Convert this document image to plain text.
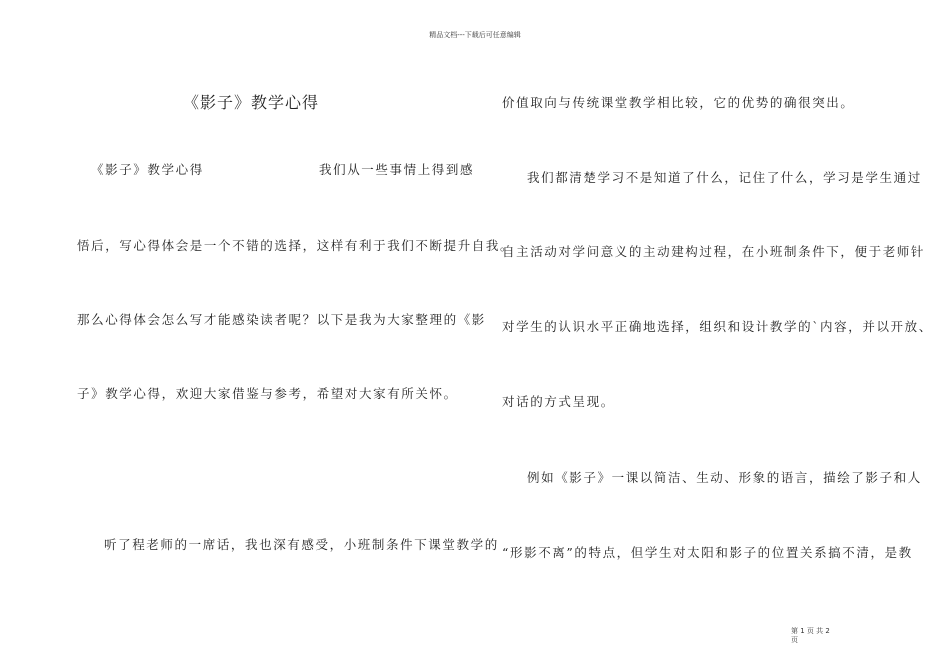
精品文档---下载后可任意编辑
《影子》教学心得
《影子》教学心得	我们从一些事情上得到感
悟后，写心得体会是一个不错的选择，这样有利于我们不断提升自我。
那么心得体会怎么写才能感染读者呢？以下是我为大家整理的《影
子》教学心得，欢迎大家借鉴与参考，希望对大家有所关怀。
听了程老师的一席话，我也深有感受，小班制条件下课堂教学的
价值取向与传统课堂教学相比较，它的优势的确很突出。
我们都清楚学习不是知道了什么，记住了什么，学习是学生通过
自主活动对学问意义的主动建构过程，在小班制条件下，便于老师针
对学生的认识水平正确地选择，组织和设计教学的`内容，并以开放、
对话的方式呈现。
例如《影子》一课以简洁、生动、形象的语言，描绘了影子和人
“形影不离”的特点，但学生对太阳和影子的位置关系搞不清，是教
第 1 页 共 2 页
